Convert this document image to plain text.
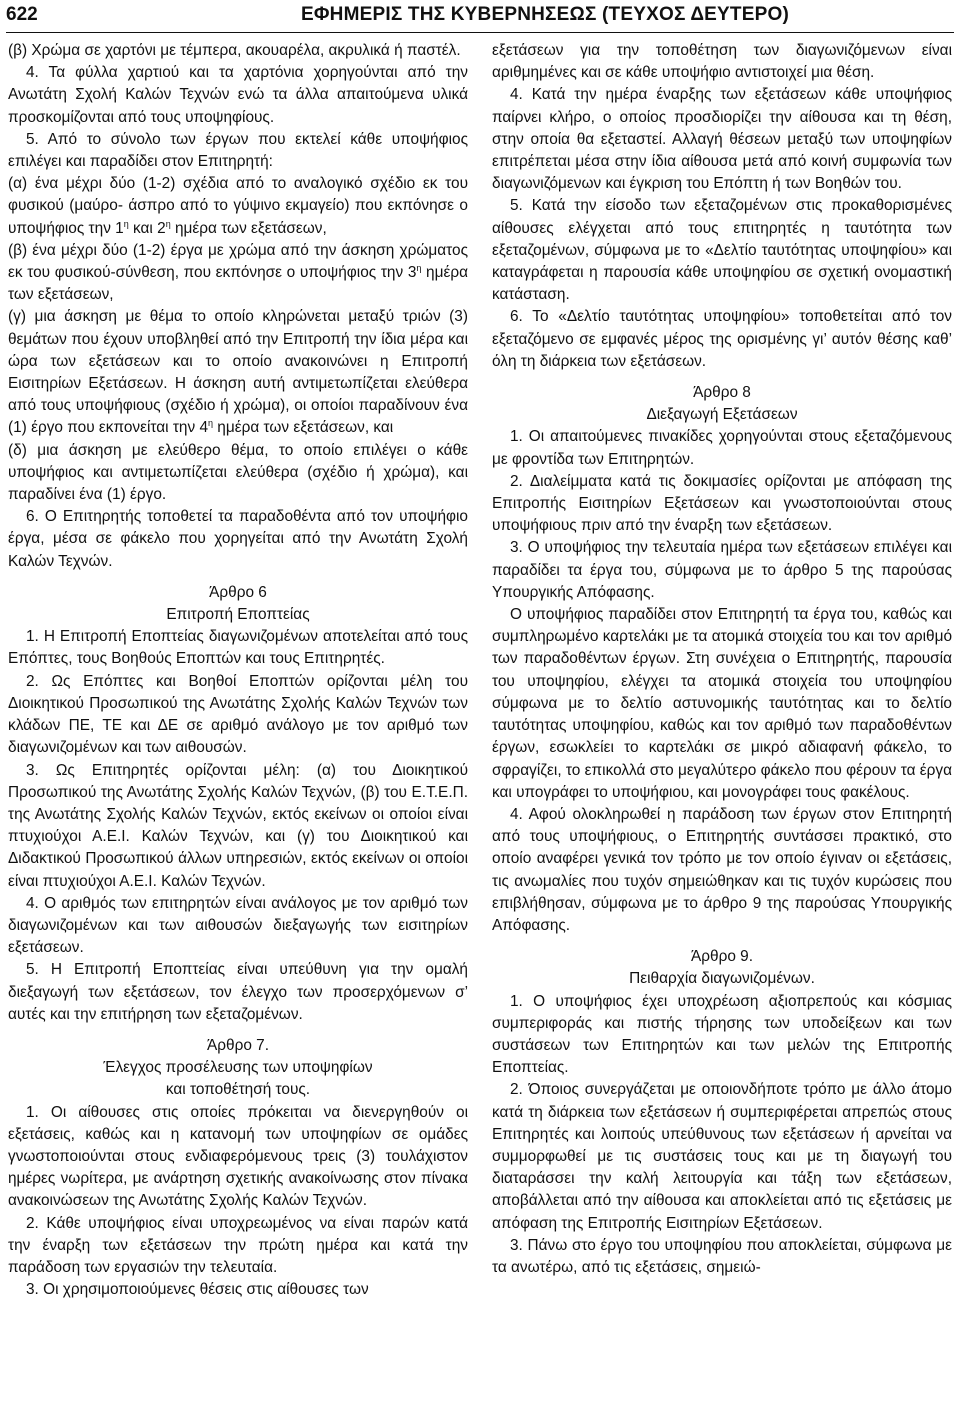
622	ΕΦΗΜΕΡΙΣ ΤΗΣ ΚΥΒΕΡΝΗΣΕΩΣ (ΤΕΥΧΟΣ ΔΕΥΤΕΡΟ)

(β) Χρώμα σε χαρτόνι με τέμπερα, ακουαρέλα, ακρυλικά ή παστέλ.

4. Τα φύλλα χαρτιού και τα χαρτόνια χορηγούνται από την Ανωτάτη Σχολή Καλών Τεχνών ενώ τα άλλα απαιτούμενα υλικά προσκομίζονται από τους υποψηφίους.

5. Από το σύνολο των έργων που εκτελεί κάθε υποψήφιος επιλέγει και παραδίδει στον Επιτηρητή:

(α) ένα μέχρι δύο (1-2) σχέδια από το αναλογικό σχέδιο εκ του φυσικού (μαύρο- άσπρο από το γύψινο εκμαγείο) που εκπόνησε ο υποψήφιος την $1^\eta$ και $2^\eta$ ημέρα των εξετάσεων,

(β) ένα μέχρι δύο (1-2) έργα με χρώμα από την άσκηση χρώματος εκ του φυσικού-σύνθεση, που εκπόνησε ο υποψήφιος την $3^\eta$ ημέρα των εξετάσεων,

(γ) μια άσκηση με θέμα το οποίο κληρώνεται μεταξύ τριών (3) θεμάτων που έχουν υποβληθεί από την Επιτροπή την ίδια μέρα και ώρα των εξετάσεων και το οποίο ανακοινώνει η Επιτροπή Εισιτηρίων Εξετάσεων. Η άσκηση αυτή αντιμετωπίζεται ελεύθερα από τους υποψήφιους (σχέδιο ή χρώμα), οι οποίοι παραδίνουν ένα (1) έργο που εκπονείται την $4^\eta$ ημέρα των εξετάσεων, και

(δ) μια άσκηση με ελεύθερο θέμα, το οποίο επιλέγει ο κάθε υποψήφιος και αντιμετωπίζεται ελεύθερα (σχέδιο ή χρώμα), και παραδίνει ένα (1) έργο.

6. Ο Επιτηρητής τοποθετεί τα παραδοθέντα από τον υποψήφιο έργα, μέσα σε φάκελο που χορηγείται από την Ανωτάτη Σχολή Καλών Τεχνών.

Άρθρο 6

Επιτροπή Εποπτείας

1. Η Επιτροπή Εποπτείας διαγωνιζομένων αποτελείται από τους Επόπτες, τους Βοηθούς Εποπτών και τους Επιτηρητές.

2. Ως Επόπτες και Βοηθοί Εποπτών ορίζονται μέλη του Διοικητικού Προσωπικού της Ανωτάτης Σχολής Καλών Τεχνών των κλάδων ΠΕ, ΤΕ και ΔΕ σε αριθμό ανάλογο με τον αριθμό των διαγωνιζομένων και των αιθουσών.

3. Ως Επιτηρητές ορίζονται μέλη: (α) του Διοικητικού Προσωπικού της Ανωτάτης Σχολής Καλών Τεχνών, (β) του Ε.Τ.Ε.Π. της Ανωτάτης Σχολής Καλών Τεχνών, εκτός εκείνων οι οποίοι είναι πτυχιούχοι Α.Ε.Ι. Καλών Τεχνών, και (γ) του Διοικητικού και Διδακτικού Προσωπικού άλλων υπηρεσιών, εκτός εκείνων οι οποίοι είναι πτυχιούχοι Α.Ε.Ι. Καλών Τεχνών.

4. Ο αριθμός των επιτηρητών είναι ανάλογος με τον αριθμό των διαγωνιζομένων και των αιθουσών διεξαγωγής των εισιτηρίων εξετάσεων.

5. Η Επιτροπή Εποπτείας είναι υπεύθυνη για την ομαλή διεξαγωγή των εξετάσεων, τον έλεγχο των προσερχόμενων σ’ αυτές και την επιτήρηση των εξεταζομένων.

Άρθρο 7.

Έλεγχος προσέλευσης των υποψηφίων

και τοποθέτησή τους.

1. Οι αίθουσες στις οποίες πρόκειται να διενεργηθούν οι εξετάσεις, καθώς και η κατανομή των υποψηφίων σε ομάδες γνωστοποιούνται στους ενδιαφερόμενους τρεις (3) τουλάχιστον ημέρες νωρίτερα, με ανάρτηση σχετικής ανακοίνωσης στον πίνακα ανακοινώσεων της Ανωτάτης Σχολής Καλών Τεχνών.

2. Κάθε υποψήφιος είναι υποχρεωμένος να είναι παρών κατά την έναρξη των εξετάσεων την πρώτη ημέρα και κατά την παράδοση των εργασιών την τελευταία.

3. Οι χρησιμοποιούμενες θέσεις στις αίθουσες των

εξετάσεων για την τοποθέτηση των διαγωνιζόμενων είναι αριθμημένες και σε κάθε υποψήφιο αντιστοιχεί μια θέση.

4. Κατά την ημέρα έναρξης των εξετάσεων κάθε υποψήφιος παίρνει κλήρο, ο οποίος προσδιορίζει την αίθουσα και τη θέση, στην οποία θα εξεταστεί. Αλλαγή θέσεων μεταξύ των υποψηφίων επιτρέπεται μέσα στην ίδια αίθουσα μετά από κοινή συμφωνία των διαγωνιζόμενων και έγκριση του Επόπτη ή των Βοηθών του.

5. Κατά την είσοδο των εξεταζομένων στις προκαθορισμένες αίθουσες ελέγχεται από τους επιτηρητές η ταυτότητα των εξεταζομένων, σύμφωνα με το «Δελτίο ταυτότητας υποψηφίου» και καταγράφεται η παρουσία κάθε υποψηφίου σε σχετική ονομαστική κατάσταση.

6. Το «Δελτίο ταυτότητας υποψηφίου» τοποθετείται από τον εξεταζόμενο σε εμφανές μέρος της ορισμένης γι’ αυτόν θέσης καθ’ όλη τη διάρκεια των εξετάσεων.

Άρθρο 8

Διεξαγωγή Εξετάσεων

1. Οι απαιτούμενες πινακίδες χορηγούνται στους εξεταζόμενους με φροντίδα των Επιτηρητών.

2. Διαλείμματα κατά τις δοκιμασίες ορίζονται με απόφαση της Επιτροπής Εισιτηρίων Εξετάσεων και γνωστοποιούνται στους υποψήφιους πριν από την έναρξη των εξετάσεων.

3. Ο υποψήφιος την τελευταία ημέρα των εξετάσεων επιλέγει και παραδίδει τα έργα του, σύμφωνα με το άρθρο 5 της παρούσας Υπουργικής Απόφασης.

Ο υποψήφιος παραδίδει στον Επιτηρητή τα έργα του, καθώς και συμπληρωμένο καρτελάκι με τα ατομικά στοιχεία του και τον αριθμό των παραδοθέντων έργων. Στη συνέχεια ο Επιτηρητής, παρουσία του υποψηφίου, ελέγχει τα ατομικά στοιχεία του υποψηφίου σύμφωνα με το δελτίο αστυνομικής ταυτότητας και το δελτίο ταυτότητας υποψηφίου, καθώς και τον αριθμό των παραδοθέντων έργων, εσωκλείει το καρτελάκι σε μικρό αδιαφανή φάκελο, το σφραγίζει, το επικολλά στο μεγαλύτερο φάκελο που φέρουν τα έργα και υπογράφει το υποψήφιου, και μονογράφει τους φακέλους.

4. Αφού ολοκληρωθεί η παράδοση των έργων στον Επιτηρητή από τους υποψήφιους, ο Επιτηρητής συντάσσει πρακτικό, στο οποίο αναφέρει γενικά τον τρόπο με τον οποίο έγιναν οι εξετάσεις, τις ανωμαλίες που τυχόν σημειώθηκαν και τις τυχόν κυρώσεις που επιβλήθησαν, σύμφωνα με το άρθρο 9 της παρούσας Υπουργικής Απόφασης.

Άρθρο 9.

Πειθαρχία διαγωνιζομένων.

1. Ο υποψήφιος έχει υποχρέωση αξιοπρεπούς και κόσμιας συμπεριφοράς και πιστής τήρησης των υποδείξεων και των συστάσεων των Επιτηρητών και των μελών της Επιτροπής Εποπτείας.

2. Όποιος συνεργάζεται με οποιονδήποτε τρόπο με άλλο άτομο κατά τη διάρκεια των εξετάσεων ή συμπεριφέρεται απρεπώς στους Επιτηρητές και λοιπούς υπεύθυνους των εξετάσεων ή αρνείται να συμμορφωθεί με τις συστάσεις τους και με τη διαγωγή του διαταράσσει την καλή λειτουργία και τάξη των εξετάσεων, αποβάλλεται από την αίθουσα και αποκλείεται από τις εξετάσεις με απόφαση της Επιτροπής Εισιτηρίων Εξετάσεων.

3. Πάνω στο έργο του υποψηφίου που αποκλείεται, σύμφωνα με τα ανωτέρω, από τις εξετάσεις, σημειώ-
